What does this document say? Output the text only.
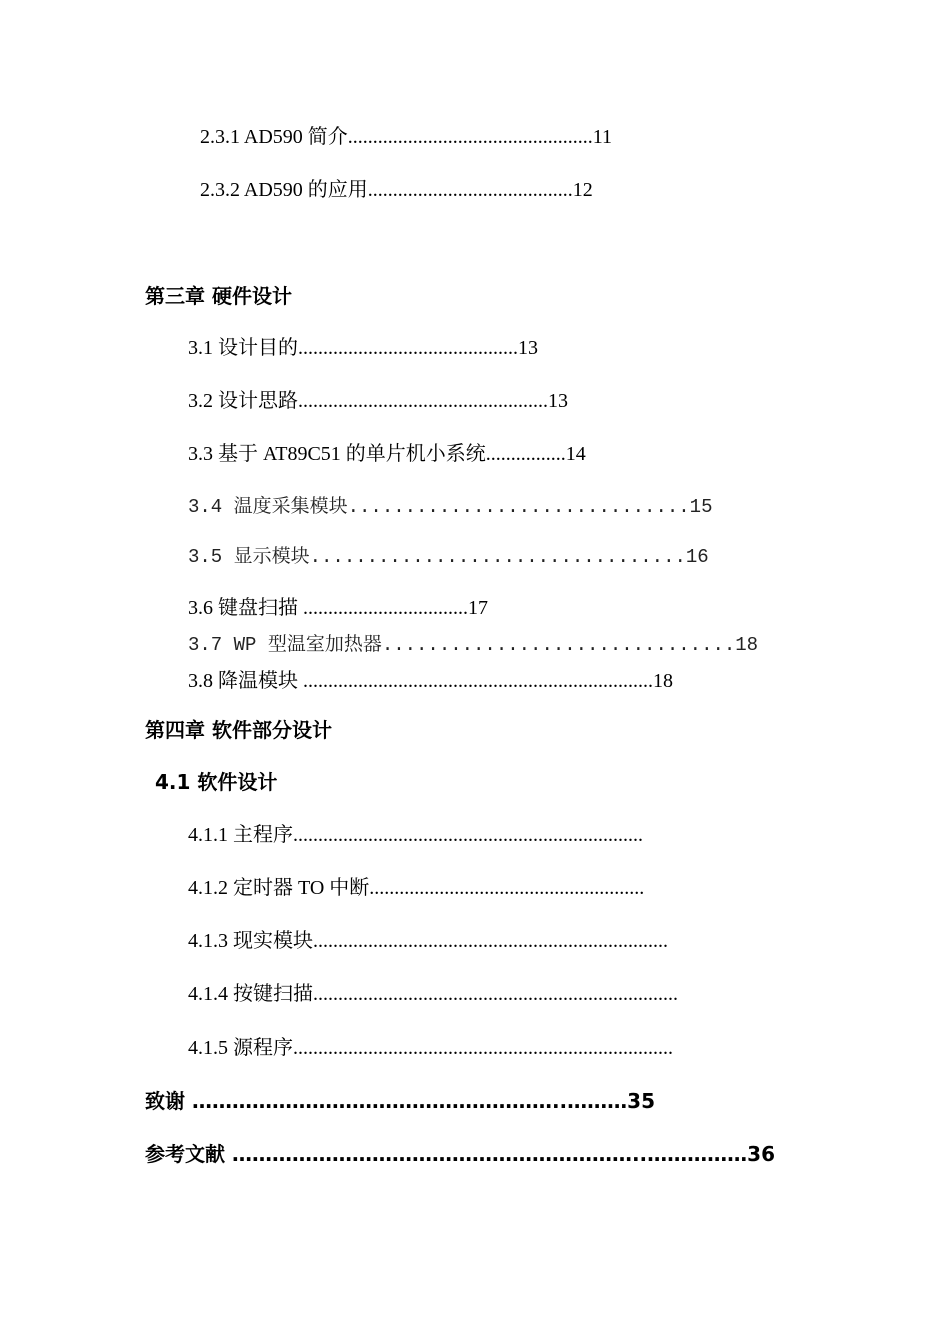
2.3.1 AD590 简介.................................................11
2.3.2 AD590 的应用.........................................12
第三章 硬件设计
3.1 设计目的............................................13
3.2 设计思路..................................................13
3.3 基于 AT89C51 的单片机小系统................14
3.4 温度采集模块..............................15
3.5 显示模块.................................16
3.6 键盘扫描 .................................17
3.7 WP 型温室加热器...............................18
3.8 降温模块 ......................................................................18
第四章 软件部分设计
4.1 软件设计
4.1.1 主程序......................................................................
4.1.2 定时器 TO 中断.......................................................
4.1.3 现实模块.......................................................................
4.1.4 按键扫描.........................................................................
4.1.5 源程序............................................................................
致谢 ………………………………………………..………35
参考文献 ……………………………………………………..……………36
